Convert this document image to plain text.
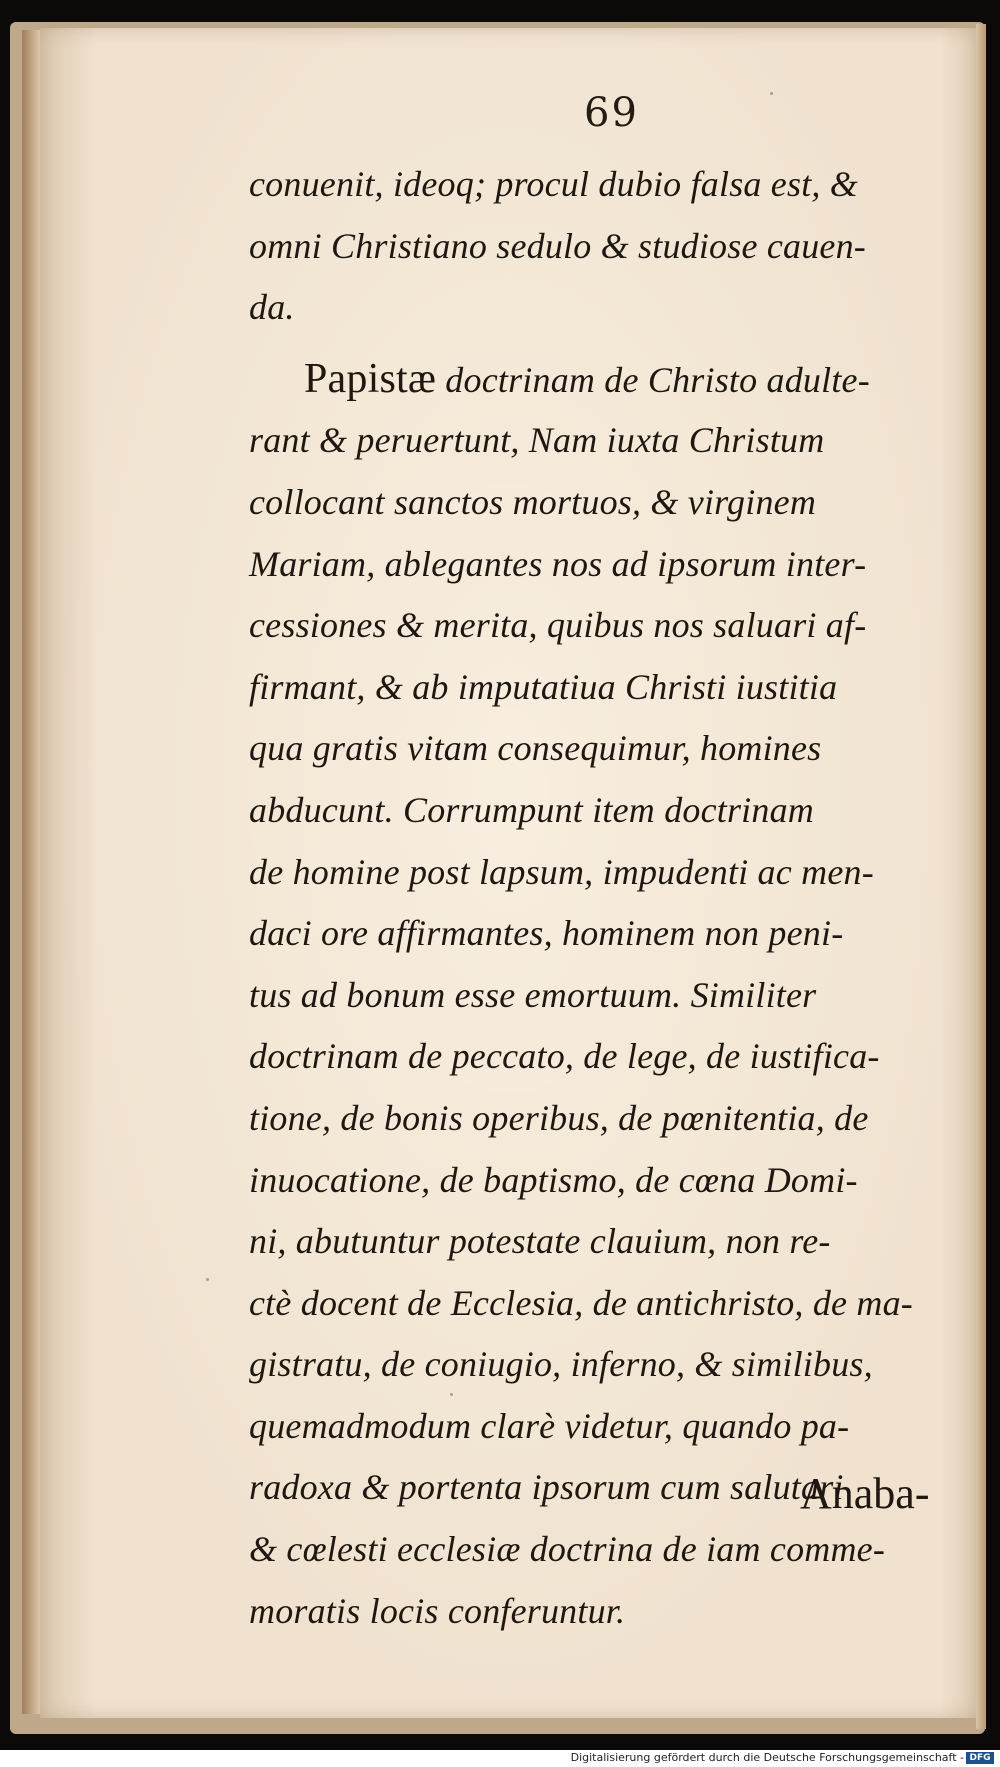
69
conuenit, ideoq; procul dubio falsa est, &
omni Christiano sedulo & studiose cauen-
da.
Papistæ doctrinam de Christo adulte-
rant & peruertunt, Nam iuxta Christum
collocant sanctos mortuos, & virginem
Mariam, ablegantes nos ad ipsorum inter-
cessiones & merita, quibus nos saluari af-
firmant, & ab imputatiua Christi iustitia
qua gratis vitam consequimur, homines
abducunt. Corrumpunt item doctrinam
de homine post lapsum, impudenti ac men-
daci ore affirmantes, hominem non peni-
tus ad bonum esse emortuum. Similiter
doctrinam de peccato, de lege, de iustifica-
tione, de bonis operibus, de pœnitentia, de
inuocatione, de baptismo, de cœna Domi-
ni, abutuntur potestate clauium, non re-
ctè docent de Ecclesia, de antichristo, de ma-
gistratu, de coniugio, inferno, & similibus,
quemadmodum clarè videtur, quando pa-
radoxa & portenta ipsorum cum salutari
& cœlesti ecclesiæ doctrina de iam comme-
moratis locis conferuntur.
Anaba-
Digitalisierung gefördert durch die Deutsche Forschungsgemeinschaft - DFG
